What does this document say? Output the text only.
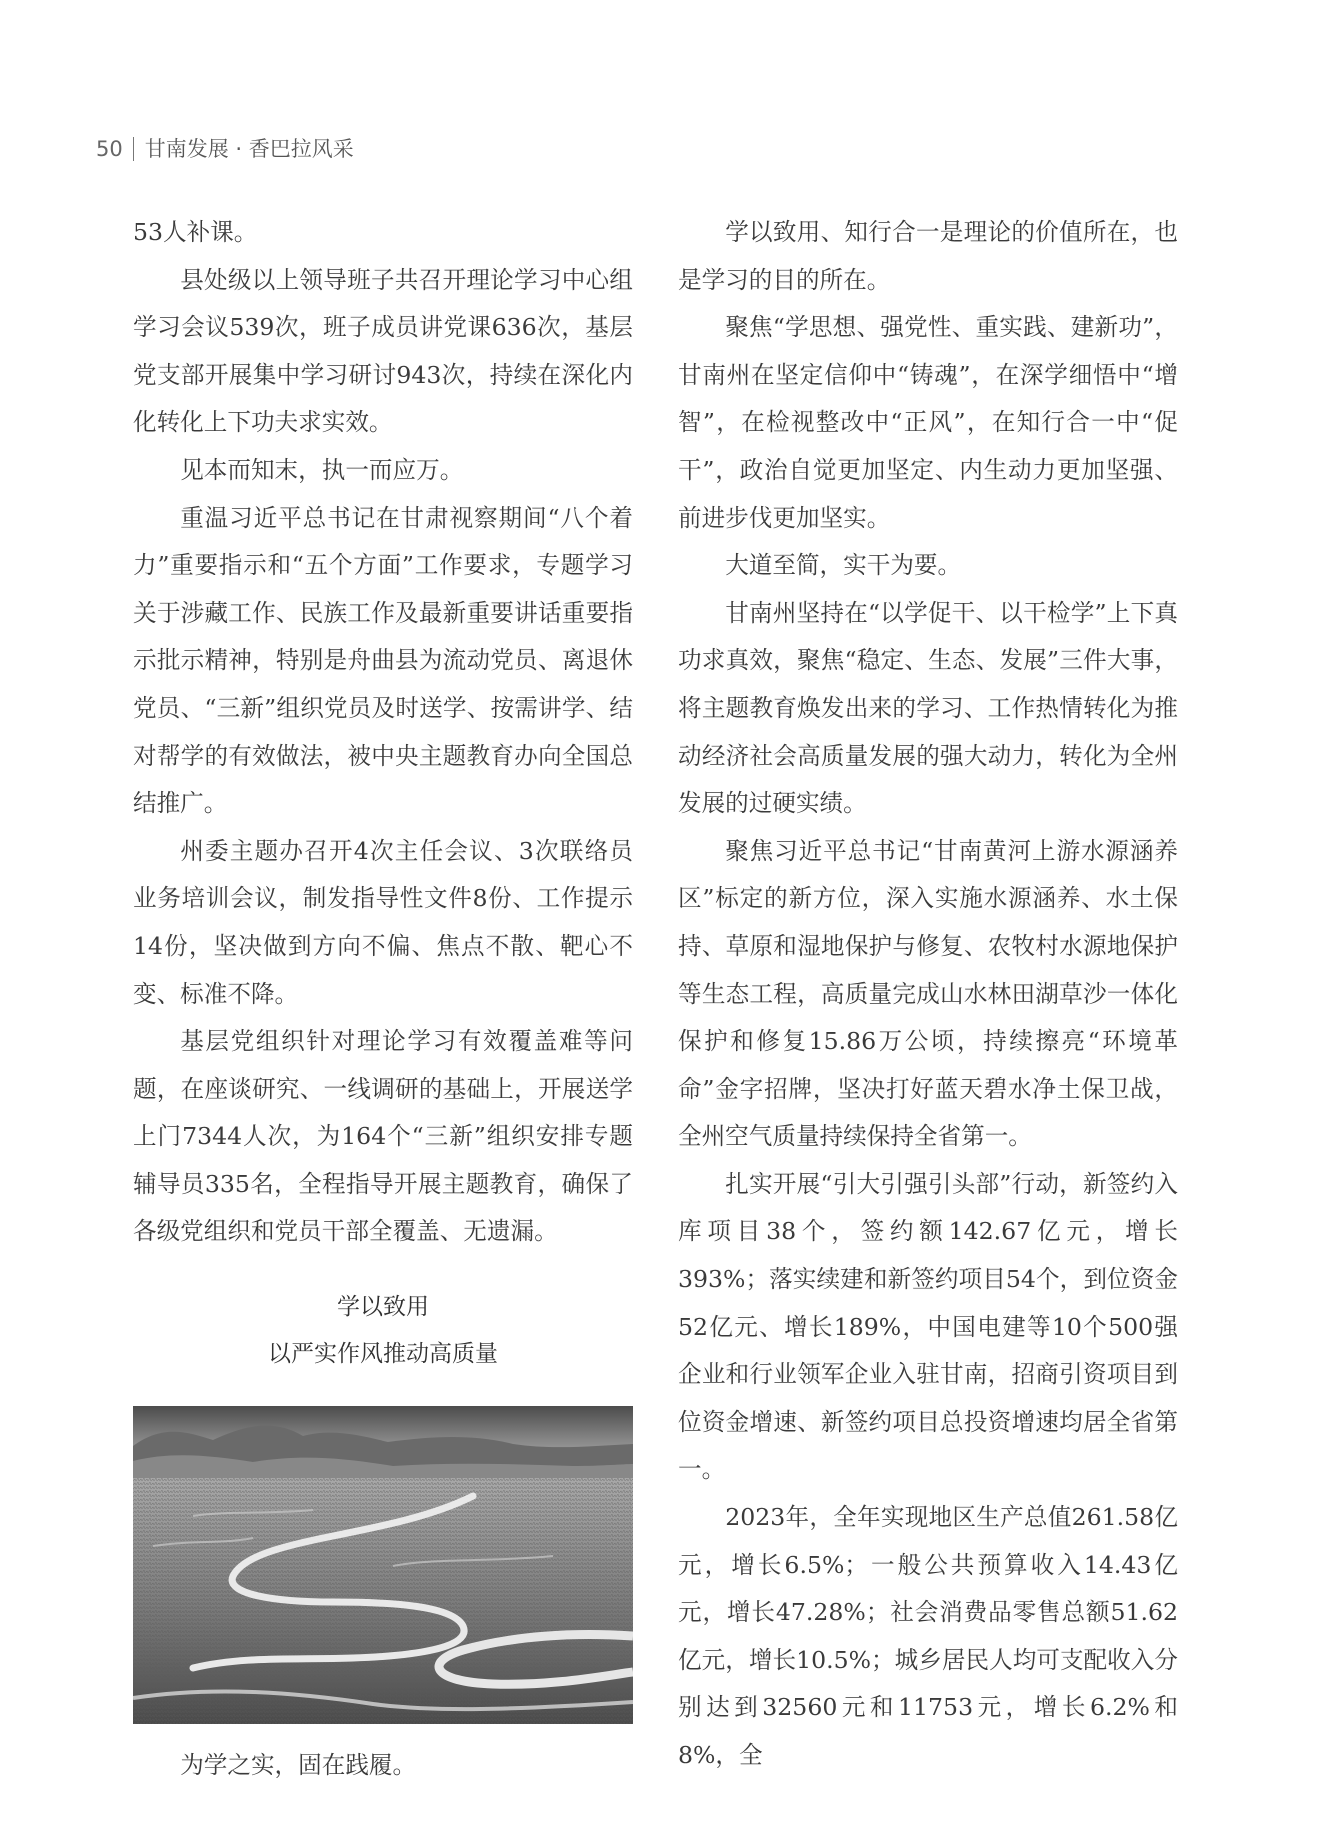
50 甘南发展 · 香巴拉风采

53人补课。

县处级以上领导班子共召开理论学习中心组学习会议539次，班子成员讲党课636次，基层党支部开展集中学习研讨943次，持续在深化内化转化上下功夫求实效。

见本而知末，执一而应万。

重温习近平总书记在甘肃视察期间“八个着力”重要指示和“五个方面”工作要求，专题学习关于涉藏工作、民族工作及最新重要讲话重要指示批示精神，特别是舟曲县为流动党员、离退休党员、“三新”组织党员及时送学、按需讲学、结对帮学的有效做法，被中央主题教育办向全国总结推广。

州委主题办召开4次主任会议、3次联络员业务培训会议，制发指导性文件8份、工作提示14份，坚决做到方向不偏、焦点不散、靶心不变、标准不降。

基层党组织针对理论学习有效覆盖难等问题，在座谈研究、一线调研的基础上，开展送学上门7344人次，为164个“三新”组织安排专题辅导员335名，全程指导开展主题教育，确保了各级党组织和党员干部全覆盖、无遗漏。

学以致用
以严实作风推动高质量

为学之实，固在践履。

学以致用、知行合一是理论的价值所在，也是学习的目的所在。

聚焦“学思想、强党性、重实践、建新功”，甘南州在坚定信仰中“铸魂”，在深学细悟中“增智”，在检视整改中“正风”，在知行合一中“促干”，政治自觉更加坚定、内生动力更加坚强、前进步伐更加坚实。

大道至简，实干为要。

甘南州坚持在“以学促干、以干检学”上下真功求真效，聚焦“稳定、生态、发展”三件大事，将主题教育焕发出来的学习、工作热情转化为推动经济社会高质量发展的强大动力，转化为全州发展的过硬实绩。

聚焦习近平总书记“甘南黄河上游水源涵养区”标定的新方位，深入实施水源涵养、水土保持、草原和湿地保护与修复、农牧村水源地保护等生态工程，高质量完成山水林田湖草沙一体化保护和修复15.86万公顷，持续擦亮“环境革命”金字招牌，坚决打好蓝天碧水净土保卫战，全州空气质量持续保持全省第一。

扎实开展“引大引强引头部”行动，新签约入库项目38个，签约额142.67亿元，增长393%；落实续建和新签约项目54个，到位资金52亿元、增长189%，中国电建等10个500强企业和行业领军企业入驻甘南，招商引资项目到位资金增速、新签约项目总投资增速均居全省第一。

2023年，全年实现地区生产总值261.58亿元，增长6.5%；一般公共预算收入14.43亿元，增长47.28%；社会消费品零售总额51.62亿元，增长10.5%；城乡居民人均可支配收入分别达到32560元和11753元，增长6.2%和8%，全
